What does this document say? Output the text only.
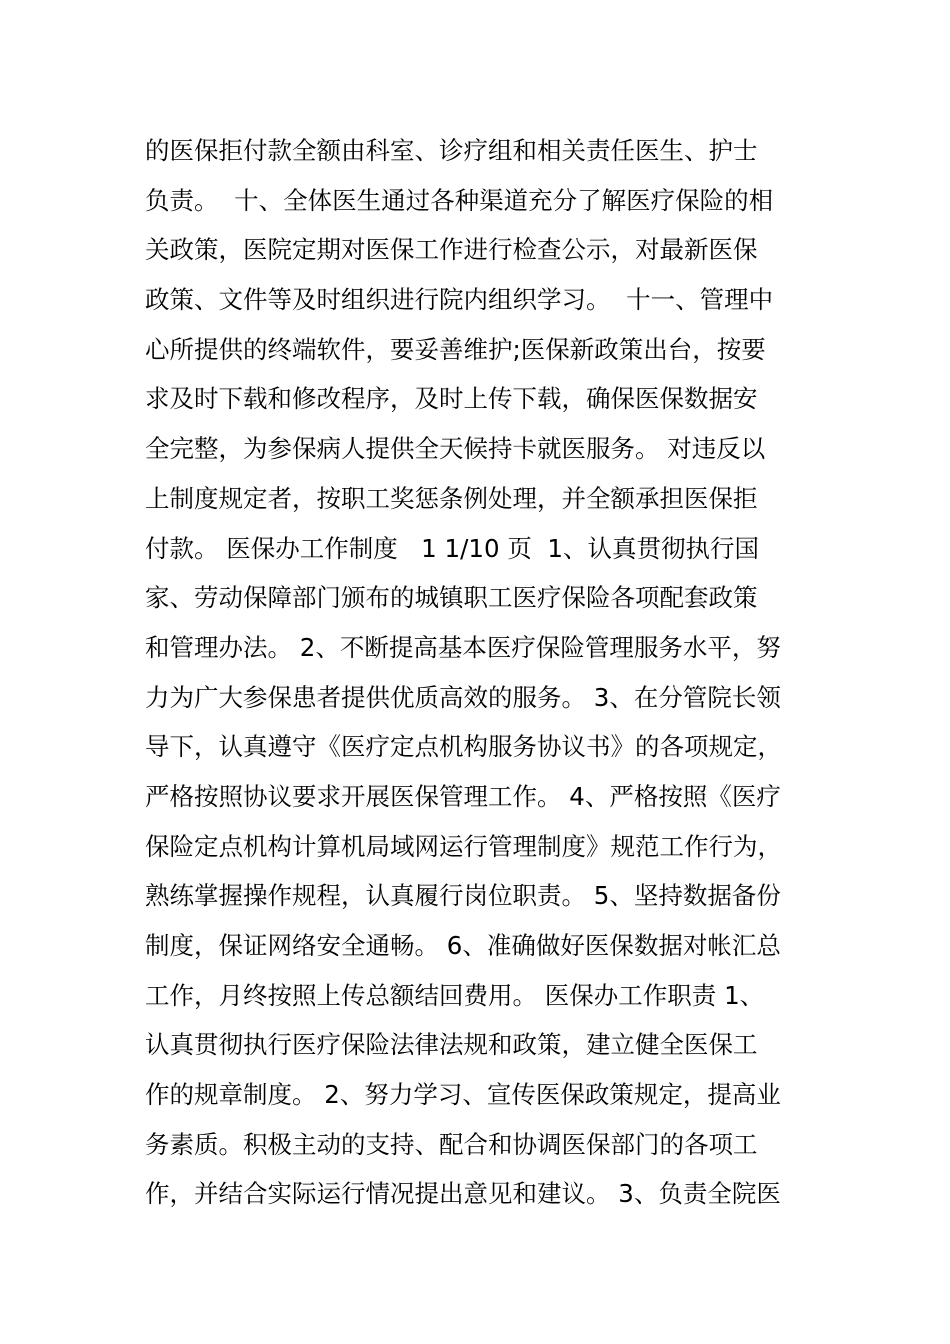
的医保拒付款全额由科室、诊疗组和相关责任医生、护士
负责。  十、全体医生通过各种渠道充分了解医疗保险的相
关政策，医院定期对医保工作进行检查公示，对最新医保
政策、文件等及时组织进行院内组织学习。  十一、管理中
心所提供的终端软件，要妥善维护;医保新政策出台，按要
求及时下载和修改程序，及时上传下载，确保医保数据安
全完整，为参保病人提供全天候持卡就医服务。 对违反以
上制度规定者，按职工奖惩条例处理，并全额承担医保拒
付款。 医保办工作制度   1 1/10 页  1、认真贯彻执行国
家、劳动保障部门颁布的城镇职工医疗保险各项配套政策
和管理办法。 2、不断提高基本医疗保险管理服务水平，努
力为广大参保患者提供优质高效的服务。 3、在分管院长领
导下，认真遵守《医疗定点机构服务协议书》的各项规定，
严格按照协议要求开展医保管理工作。 4、严格按照《医疗
保险定点机构计算机局域网运行管理制度》规范工作行为，
熟练掌握操作规程，认真履行岗位职责。 5、坚持数据备份
制度，保证网络安全通畅。 6、准确做好医保数据对帐汇总
工作，月终按照上传总额结回费用。 医保办工作职责 1、
认真贯彻执行医疗保险法律法规和政策，建立健全医保工
作的规章制度。 2、努力学习、宣传医保政策规定，提高业
务素质。积极主动的支持、配合和协调医保部门的各项工
作，并结合实际运行情况提出意见和建议。 3、负责全院医
